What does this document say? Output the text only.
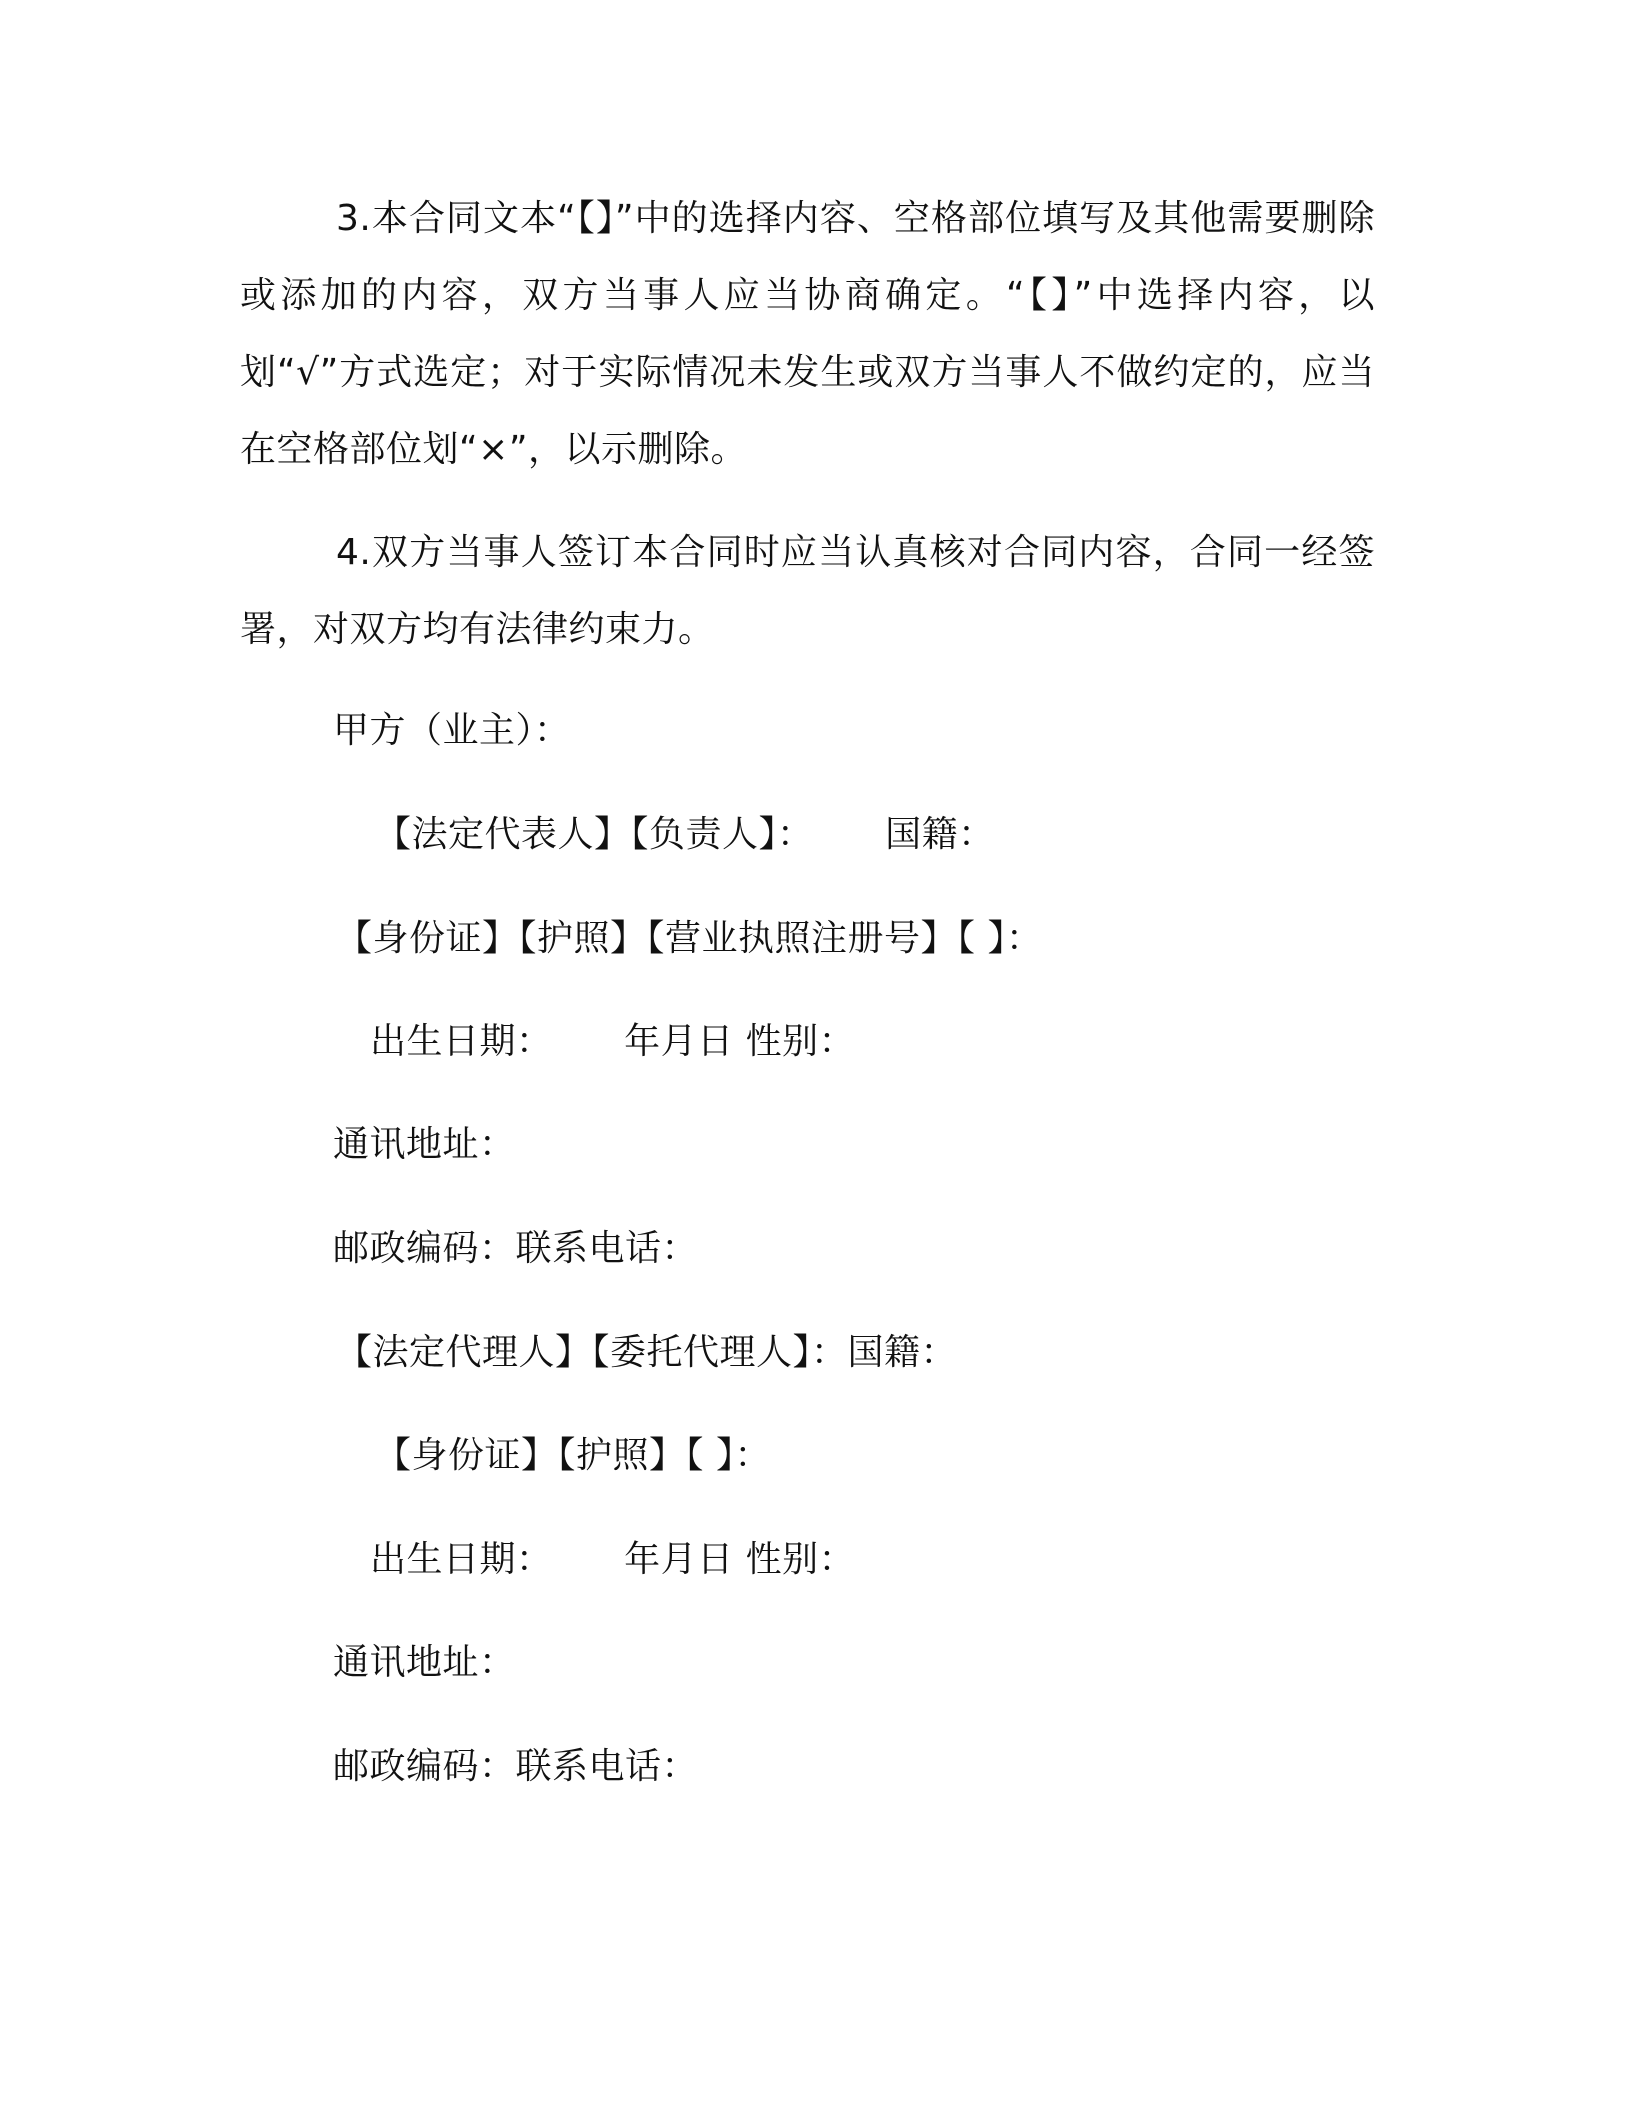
3.本合同文本“【】”中的选择内容、空格部位填写及其他需要删除或添加的内容，双方当事人应当协商确定。“【】”中选择内容，以划“√”方式选定；对于实际情况未发生或双方当事人不做约定的，应当在空格部位划“×”，以示删除。

4.双方当事人签订本合同时应当认真核对合同内容，合同一经签署，对双方均有法律约束力。

甲方（业主）：
【法定代表人】【负责人】：      国籍：
【身份证】【护照】【营业执照注册号】【 】：
出生日期：      年月日 性别：
通讯地址：
邮政编码：联系电话：
【法定代理人】【委托代理人】：国籍：
【身份证】【护照】【 】：
出生日期：      年月日 性别：
通讯地址：
邮政编码：联系电话：
